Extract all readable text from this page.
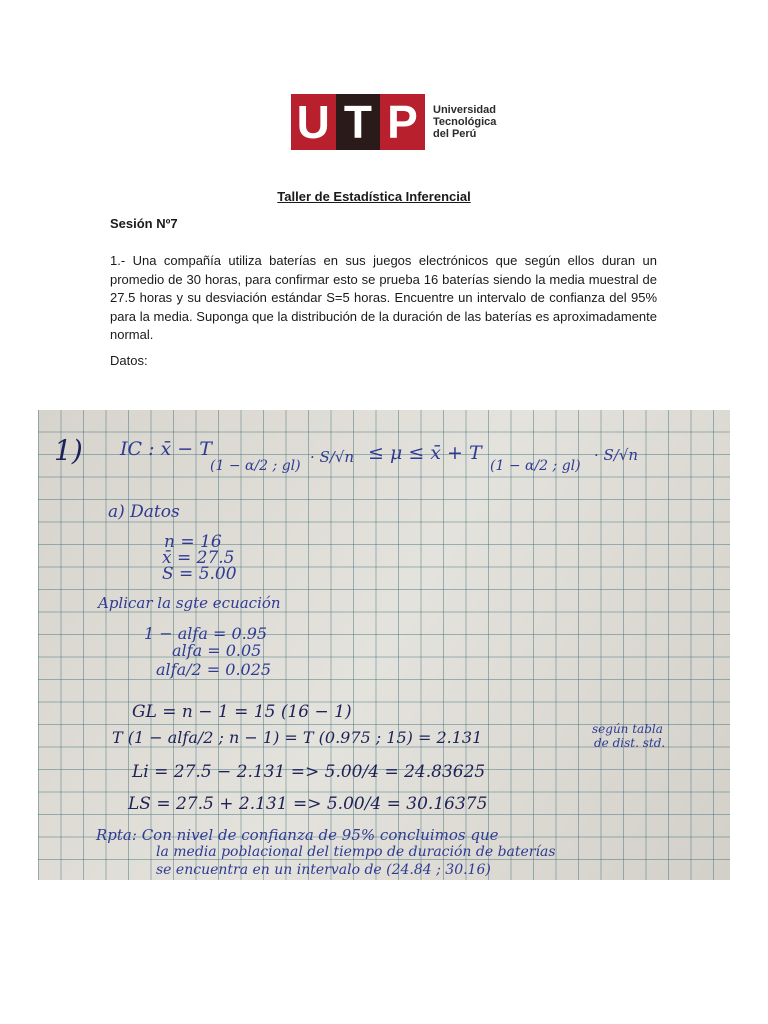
U T P	Universidad
Tecnológica
del Perú
Taller de Estadística Inferencial
Sesión Nº7
1.- Una compañía utiliza baterías en sus juegos electrónicos que según ellos duran un promedio de 30 horas, para confirmar esto se prueba 16 baterías siendo la media muestral de 27.5 horas y su desviación estándar S=5 horas. Encuentre un intervalo de confianza del 95% para la media. Suponga que la distribución de la duración de las baterías es aproximadamente normal.
Datos:
1) IC : x̄ − T
(1 − α/2 ; gl) · S/√n ≤ μ ≤ x̄ + T
(1 − α/2 ; gl)
· S/√n
a) Datos
n = 16
x̄ = 27.5
S = 5.00
Aplicar la sgte ecuación
1 − alfa = 0.95
alfa = 0.05
alfa/2 = 0.025
GL = n − 1 = 15 (16 − 1)
T (1 − alfa/2 ; n − 1) = T (0.975 ; 15) = 2.131	según tabla
de dist. std.
Li = 27.5 − 2.131 => 5.00/4 = 24.83625
LS = 27.5 + 2.131 => 5.00/4 = 30.16375
Rpta: Con nivel de confianza de 95% concluimos que
la media poblacional del tiempo de duración de baterías
se encuentra en un intervalo de (24.84 ; 30.16)
